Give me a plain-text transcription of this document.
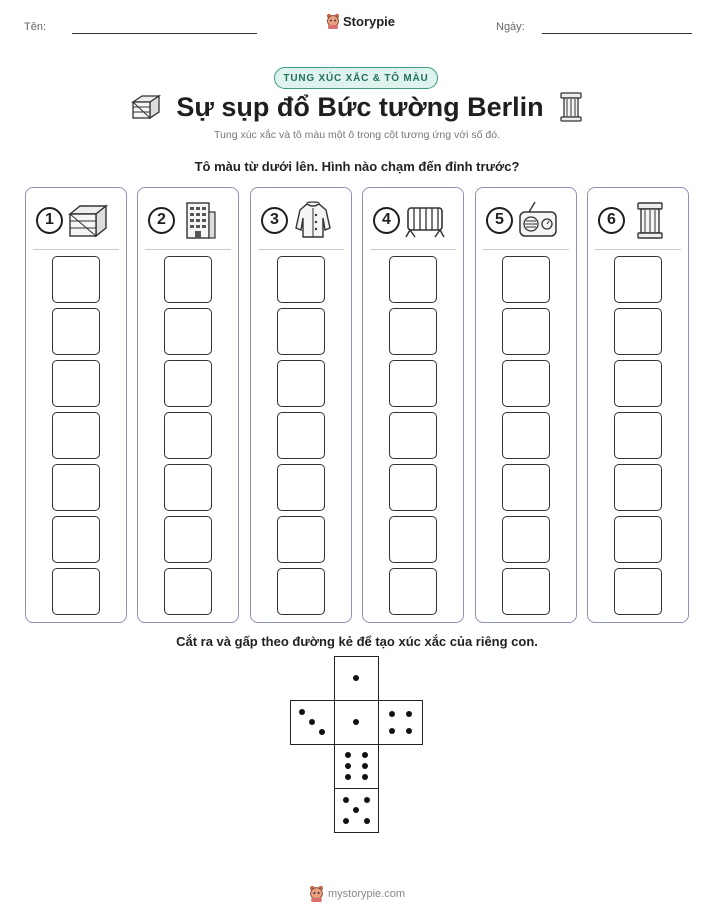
Tên:	Storypie	Ngày:
TUNG XÚC XẮC & TÔ MÀU
Sự sụp đổ Bức tường Berlin
Tung xúc xắc và tô màu một ô trong cột tương ứng với số đó.
Tô màu từ dưới lên. Hình nào chạm đến đỉnh trước?
1	2	3	4	5	6
Cắt ra và gấp theo đường kẻ để tạo xúc xắc của riêng con.
mystorypie.com
